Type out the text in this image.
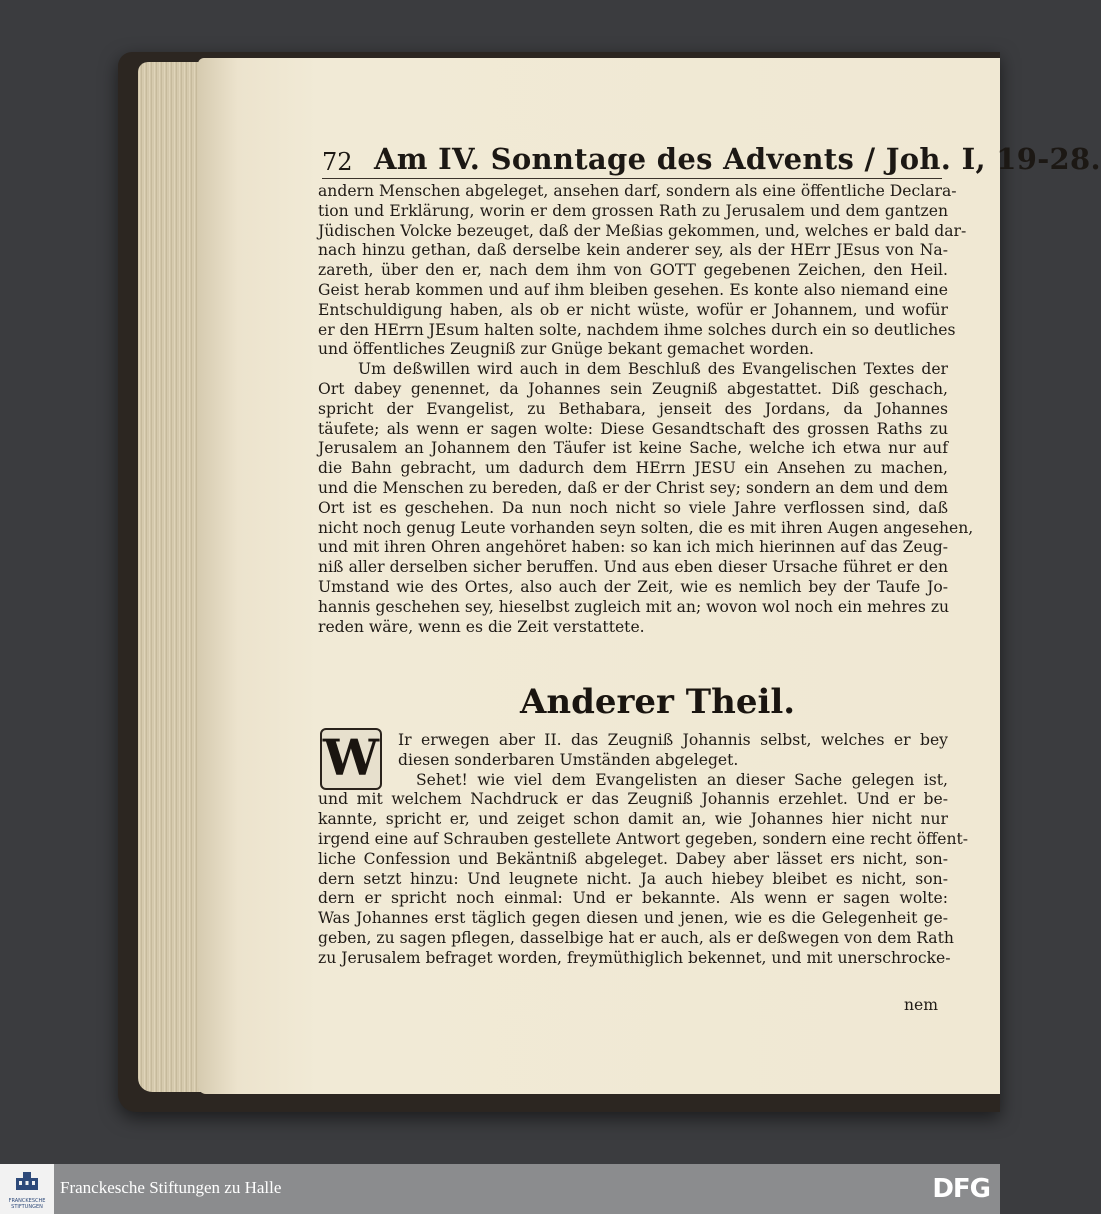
72 Am IV. Sonntage des Advents / Joh. I, 19-28.
andern Menschen abgeleget, ansehen darf, sondern als eine öffentliche Declara-
tion und Erklärung, worin er dem grossen Rath zu Jerusalem und dem gantzen
Jüdischen Volcke bezeuget, daß der Meßias gekommen, und, welches er bald dar-
nach hinzu gethan, daß derselbe kein anderer sey, als der HErr JEsus von Na-
zareth, über den er, nach dem ihm von GOTT gegebenen Zeichen, den Heil.
Geist herab kommen und auf ihm bleiben gesehen. Es konte also niemand eine
Entschuldigung haben, als ob er nicht wüste, wofür er Johannem, und wofür
er den HErrn JEsum halten solte, nachdem ihme solches durch ein so deutliches
und öffentliches Zeugniß zur Gnüge bekant gemachet worden.
Um deßwillen wird auch in dem Beschluß des Evangelischen Textes der
Ort dabey genennet, da Johannes sein Zeugniß abgestattet. Diß geschach,
spricht der Evangelist, zu Bethabara, jenseit des Jordans, da Johannes
täufete; als wenn er sagen wolte: Diese Gesandtschaft des grossen Raths zu
Jerusalem an Johannem den Täufer ist keine Sache, welche ich etwa nur auf
die Bahn gebracht, um dadurch dem HErrn JESU ein Ansehen zu machen,
und die Menschen zu bereden, daß er der Christ sey; sondern an dem und dem
Ort ist es geschehen. Da nun noch nicht so viele Jahre verflossen sind, daß
nicht noch genug Leute vorhanden seyn solten, die es mit ihren Augen angesehen,
und mit ihren Ohren angehöret haben: so kan ich mich hierinnen auf das Zeug-
niß aller derselben sicher beruffen. Und aus eben dieser Ursache führet er den
Umstand wie des Ortes, also auch der Zeit, wie es nemlich bey der Taufe Jo-
hannis geschehen sey, hieselbst zugleich mit an; wovon wol noch ein mehres zu
reden wäre, wenn es die Zeit verstattete.
Anderer Theil.
W	Ir erwegen aber II. das Zeugniß Johannis selbst, welches er bey
diesen sonderbaren Umständen abgeleget.
Sehet! wie viel dem Evangelisten an dieser Sache gelegen ist,
und mit welchem Nachdruck er das Zeugniß Johannis erzehlet. Und er be-
kannte, spricht er, und zeiget schon damit an, wie Johannes hier nicht nur
irgend eine auf Schrauben gestellete Antwort gegeben, sondern eine recht öffent-
liche Confession und Bekäntniß abgeleget. Dabey aber lässet ers nicht, son-
dern setzt hinzu: Und leugnete nicht. Ja auch hiebey bleibet es nicht, son-
dern er spricht noch einmal: Und er bekannte. Als wenn er sagen wolte:
Was Johannes erst täglich gegen diesen und jenen, wie es die Gelegenheit ge-
geben, zu sagen pflegen, dasselbige hat er auch, als er deßwegen von dem Rath
zu Jerusalem befraget worden, freymüthiglich bekennet, und mit unerschrocke-
nem
FRANCKESCHE STIFTUNGEN
Franckesche Stiftungen zu Halle	DFG
